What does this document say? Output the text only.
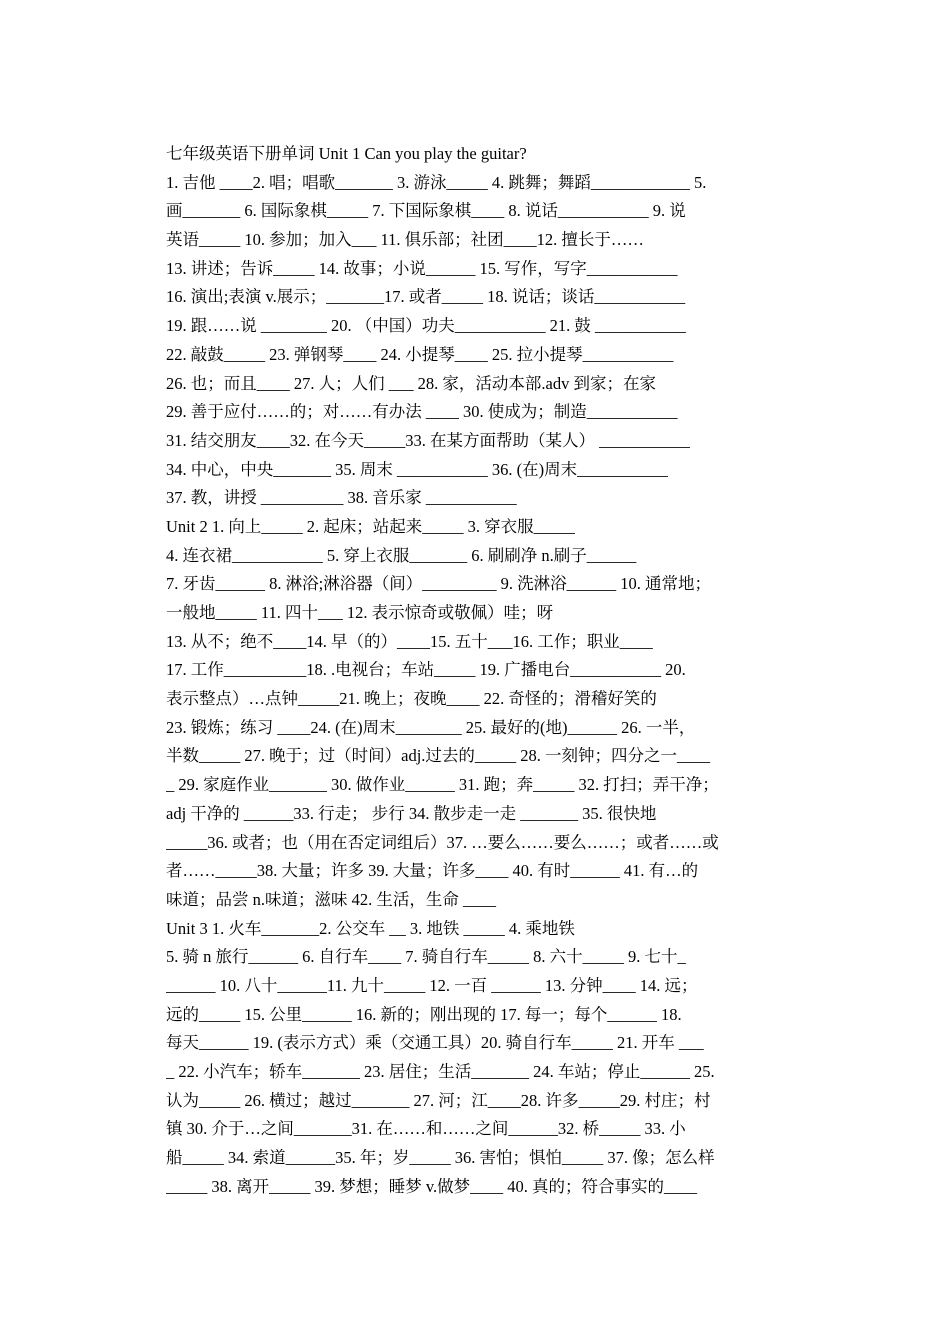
七年级英语下册单词 Unit 1 Can you play the guitar?
1. 吉他 ____2. 唱；唱歌_______ 3. 游泳_____ 4. 跳舞；舞蹈____________ 5.
画_______ 6. 国际象棋_____ 7. 下国际象棋____ 8. 说话___________ 9. 说
英语_____ 10. 参加；加入___ 11. 俱乐部；社团____12. 擅长于……
13. 讲述；告诉_____ 14. 故事；小说______ 15. 写作，写字___________
16. 演出;表演 v.展示；_______17. 或者_____ 18. 说话；谈话___________
19. 跟……说 ________ 20. （中国）功夫___________ 21. 鼓 ___________
22. 敲鼓_____ 23. 弹钢琴____ 24. 小提琴____ 25. 拉小提琴___________
26. 也；而且____ 27. 人；人们 ___ 28. 家，活动本部.adv 到家；在家
29. 善于应付……的；对……有办法 ____ 30. 使成为；制造___________
31. 结交朋友____32. 在今天_____33. 在某方面帮助（某人） ___________
34. 中心，中央_______ 35. 周末 ___________ 36. (在)周末___________
37. 教，讲授 __________ 38. 音乐家 ___________
Unit 2 1. 向上_____ 2. 起床；站起来_____ 3. 穿衣服_____
4. 连衣裙___________ 5. 穿上衣服_______ 6. 刷刷净 n.刷子______
7. 牙齿______ 8. 淋浴;淋浴器（间）_________ 9. 洗淋浴______ 10. 通常地；
一般地_____ 11. 四十___ 12. 表示惊奇或敬佩）哇；呀
13. 从不；绝不____14. 早（的）____15. 五十___16. 工作；职业____
17. 工作__________18. .电视台；车站_____ 19. 广播电台___________ 20.
表示整点）…点钟_____21. 晚上；夜晚____ 22. 奇怪的；滑稽好笑的
23. 锻炼；练习 ____24. (在)周末________ 25. 最好的(地)______ 26. 一半，
半数_____ 27. 晚于；过（时间）adj.过去的_____ 28. 一刻钟；四分之一____
_ 29. 家庭作业_______ 30. 做作业______ 31. 跑；奔_____ 32. 打扫；弄干净；
adj 干净的 ______33. 行走； 步行 34. 散步走一走 _______ 35. 很快地
_____36. 或者；也（用在否定词组后）37. …要么……要么……；或者……或
者……_____38. 大量；许多 39. 大量；许多____ 40. 有时______ 41. 有…的
味道；品尝 n.味道；滋味 42. 生活，生命 ____
Unit 3 1. 火车_______2. 公交车 __ 3. 地铁 _____ 4. 乘地铁
5. 骑 n 旅行______ 6. 自行车____ 7. 骑自行车_____ 8. 六十_____ 9. 七十_
______ 10. 八十______11. 九十_____ 12. 一百 ______ 13. 分钟____ 14. 远；
远的_____ 15. 公里______ 16. 新的；刚出现的 17. 每一；每个______ 18.
每天______ 19. (表示方式）乘（交通工具）20. 骑自行车_____ 21. 开车 ___
_ 22. 小汽车；轿车_______ 23. 居住；生活_______ 24. 车站；停止______ 25.
认为_____ 26. 横过；越过_______ 27. 河；江____28. 许多_____29. 村庄；村
镇 30. 介于…之间_______31. 在……和……之间______32. 桥_____ 33. 小
船_____ 34. 索道______35. 年；岁_____ 36. 害怕；惧怕_____ 37. 像；怎么样
_____ 38. 离开_____ 39. 梦想；睡梦 v.做梦____ 40. 真的；符合事实的____
